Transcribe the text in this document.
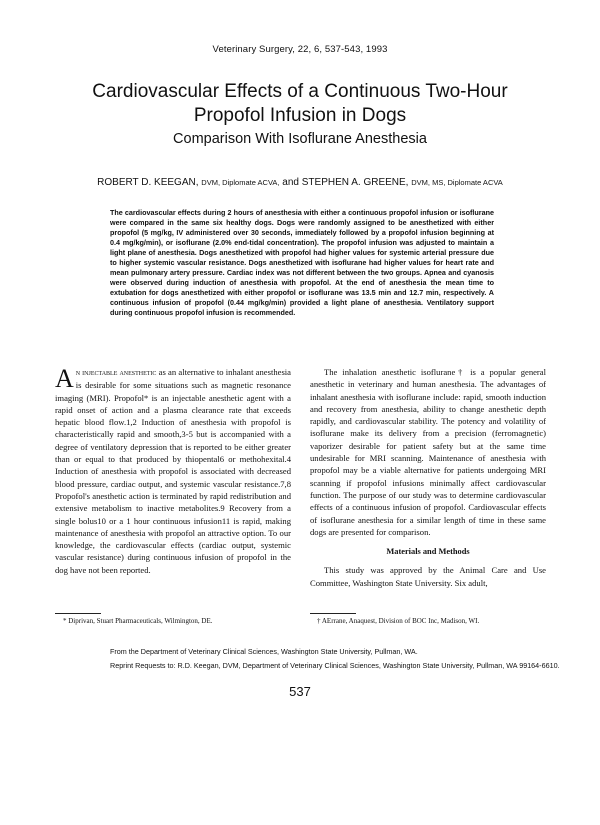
Veterinary Surgery, 22, 6, 537-543, 1993
Cardiovascular Effects of a Continuous Two-Hour
Propofol Infusion in Dogs
Comparison With Isoflurane Anesthesia
ROBERT D. KEEGAN, DVM, Diplomate ACVA, and STEPHEN A. GREENE, DVM, MS, Diplomate ACVA

The cardiovascular effects during 2 hours of anesthesia with either a continuous propofol infusion or isoflurane were compared in the same six healthy dogs. Dogs were randomly assigned to be anesthetized with either propofol (5 mg/kg, IV administered over 30 seconds, immediately followed by a propofol infusion beginning at 0.4 mg/kg/min), or isoflurane (2.0% end-tidal concentration). The propofol infusion was adjusted to maintain a light plane of anesthesia. Dogs anesthetized with propofol had higher values for systemic arterial pressure due to higher systemic vascular resistance. Dogs anesthetized with isoflurane had higher values for heart rate and mean pulmonary artery pressure. Cardiac index was not different between the two groups. Apnea and cyanosis were observed during induction of anesthesia with propofol. At the end of anesthesia the mean time to extubation for dogs anesthetized with either propofol or isoflurane was 13.5 min and 12.7 min, respectively. A continuous infusion of propofol (0.44 mg/kg/min) provided a light plane of anesthesia. Ventilatory support during continuous propofol infusion is recommended.

An injectable anesthetic as an alternative to inhalant anesthesia is desirable for some situations such as magnetic resonance imaging (MRI). Propofol* is an injectable anesthetic agent with a rapid onset of action and a plasma clearance rate that exceeds hepatic blood flow.1,2 Induction of anesthesia with propofol is characteristically rapid and smooth,3-5 but is accompanied with a degree of ventilatory depression that is reported to be either greater than or equal to that produced by thiopental6 or methohexital.4 Induction of anesthesia with propofol is associated with decreased blood pressure, cardiac output, and systemic vascular resistance.7,8 Propofol's anesthetic action is terminated by rapid redistribution and extensive metabolism to inactive metabolites.9 Recovery from a single bolus10 or a 1 hour continuous infusion11 is rapid, making maintenance of anesthesia with propofol an attractive option. To our knowledge, the cardiovascular effects (cardiac output, systemic vascular resistance) during continuous infusion of propofol in the dog have not been reported.

The inhalation anesthetic isoflurane† is a popular general anesthetic in veterinary and human anesthesia. The advantages of inhalant anesthesia with isoflurane include: rapid, smooth induction and recovery from anesthesia, ability to change anesthetic depth rapidly, and cardiovascular stability. The potency and volatility of isoflurane make its delivery from a precision (ferromagnetic) vaporizer desirable for patient safety but at the same time undesirable for MRI scanning. Maintenance of anesthesia with propofol may be a viable alternative for patients undergoing MRI scanning if propofol infusions minimally affect cardiovascular function. The purpose of our study was to determine cardiovascular effects of a continuous infusion of propofol. Cardiovascular effects of isoflurane anesthesia for a similar length of time in these same dogs are presented for comparison.

Materials and Methods

This study was approved by the Animal Care and Use Committee, Washington State University. Six adult,

* Diprivan, Stuart Pharmaceuticals, Wilmington, DE.	† AErrane, Anaquest, Division of BOC Inc, Madison, WI.
From the Department of Veterinary Clinical Sciences, Washington State University, Pullman, WA.
Reprint Requests to: R.D. Keegan, DVM, Department of Veterinary Clinical Sciences, Washington State University, Pullman, WA 99164-6610.
537
